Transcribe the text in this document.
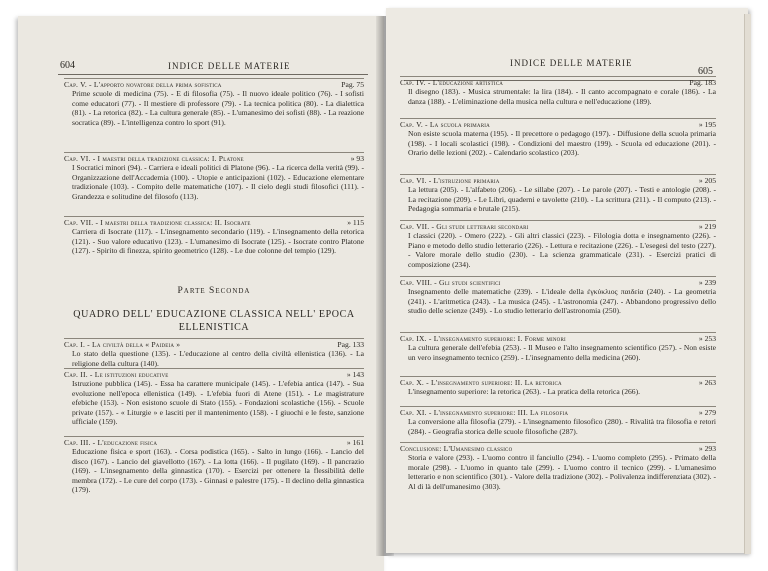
604	INDICE DELLE MATERIE
Cap. V. - L'apporto novatore della prima sofistica	Pag. 75
Prime scuole di medicina (75). - E di filosofia (75). - Il nuovo ideale politico (76). - I sofisti come educatori (77). - Il mestiere di professore (79). - La tecnica politica (80). - La dialettica (81). - La retorica (82). - La cultura generale (85). - L'umanesimo dei sofisti (88). - La reazione socratica (89). - L'intelligenza contro lo sport (91).
Cap. VI. - I maestri della tradizione classica: I. Platone	» 93
I Socratici minori (94). - Carriera e ideali politici di Platone (96). - La ricerca della verità (99). - Organizzazione dell'Accademia (100). - Utopie e anticipazioni (102). - Educazione elementare tradizionale (103). - Compito delle matematiche (107). - Il cielo degli studi filosofici (111). - Grandezza e solitudine del filosofo (113).
Cap. VII. - I maestri della tradizione classica: II. Isocrate	» 115
Carriera di Isocrate (117). - L'insegnamento secondario (119). - L'insegnamento della retorica (121). - Suo valore educativo (123). - L'umanesimo di Isocrate (125). - Isocrate contro Platone (127). - Spirito di finezza, spirito geometrico (128). - Le due colonne del tempio (129).
Parte Seconda
QUADRO DELL' EDUCAZIONE CLASSICA NELL' EPOCA ELLENISTICA
Cap. I. - La civiltà della « Paideia »	Pag. 133
Lo stato della questione (135). - L'educazione al centro della civiltà ellenistica (136). - La religione della cultura (140).
Cap. II. - Le istituzioni educative	» 143
Istruzione pubblica (145). - Essa ha carattere municipale (145). - L'efebia antica (147). - Sua evoluzione nell'epoca ellenistica (149). - L'efebia fuori di Atene (151). - Le magistrature efebiche (153). - Non esistono scuole di Stato (155). - Fondazioni scolastiche (156). - Scuole private (157). - « Liturgie » e lasciti per il mantenimento (158). - I giuochi e le feste, sanzione ufficiale (159).
Cap. III. - L'educazione fisica	» 161
Educazione fisica e sport (163). - Corsa podistica (165). - Salto in lungo (166). - Lancio del disco (167). - Lancio del giavellotto (167). - La lotta (166). - Il pugilato (169). - Il pancrazio (169). - L'insegnamento della ginnastica (170). - Esercizi per ottenere la flessibilità delle membra (172). - Le cure del corpo (173). - Ginnasi e palestre (175). - Il declino della ginnastica (179).
INDICE DELLE MATERIE
605
Cap. IV. - L'educazione artistica	Pag. 183
Il disegno (183). - Musica strumentale: la lira (184). - Il canto accompagnato e corale (186). - La danza (188). - L'eliminazione della musica nella cultura e nell'educazione (189).
Cap. V. - La scuola primaria	» 195
Non esiste scuola materna (195). - Il precettore o pedagogo (197). - Diffusione della scuola primaria (198). - I locali scolastici (198). - Condizioni del maestro (199). - Scuola ed educazione (201). - Orario delle lezioni (202). - Calendario scolastico (203).
Cap. VI. - L'istruzione primaria	» 205
La lettura (205). - L'alfabeto (206). - Le sillabe (207). - Le parole (207). - Testi e antologie (208). - La recitazione (209). - Le Libri, quaderni e tavolette (210). - La scrittura (211). - Il computo (213). - Pedagogia sommaria e brutale (215).
Cap. VII. - Gli studi letterari secondari	» 219
I classici (220). - Omero (222). - Gli altri classici (223). - Filologia dotta e insegnamento (226). - Piano e metodo dello studio letterario (226). - Lettura e recitazione (226). - L'esegesi del testo (227). - Valore morale dello studio (230). - La scienza grammaticale (231). - Esercizi pratici di composizione (234).
Cap. VIII. - Gli studi scientifici	» 239
Insegnamento delle matematiche (239). - L'ideale della ἐγκύκλιος παιδεία (240). - La geometria (241). - L'aritmetica (243). - La musica (245). - L'astronomia (247). - Abbandono progressivo dello studio delle scienze (249). - Lo studio letterario dell'astronomia (250).
Cap. IX. - L'insegnamento superiore: I. Forme minori	» 253
La cultura generale dell'efebia (253). - Il Museo e l'alto insegnamento scientifico (257). - Non esiste un vero insegnamento tecnico (259). - L'insegnamento della medicina (260).
Cap. X. - L'insegnamento superiore: II. La retorica	» 263
L'insegnamento superiore: la retorica (263). - La pratica della retorica (266).
Cap. XI. - L'insegnamento superiore: III. La filosofia	» 279
La conversione alla filosofia (279). - L'insegnamento filosofico (280). - Rivalità tra filosofia e retori (284). - Geografia storica delle scuole filosofiche (287).
Conclusione: L'Umanesimo classico	» 293
Storia e valore (293). - L'uomo contro il fanciullo (294). - L'uomo completo (295). - Primato della morale (298). - L'uomo in quanto tale (299). - L'uomo contro il tecnico (299). - L'umanesimo letterario e non scientifico (301). - Valore della tradizione (302). - Polivalenza indifferenziata (302). - Al di là dell'umanesimo (303).
